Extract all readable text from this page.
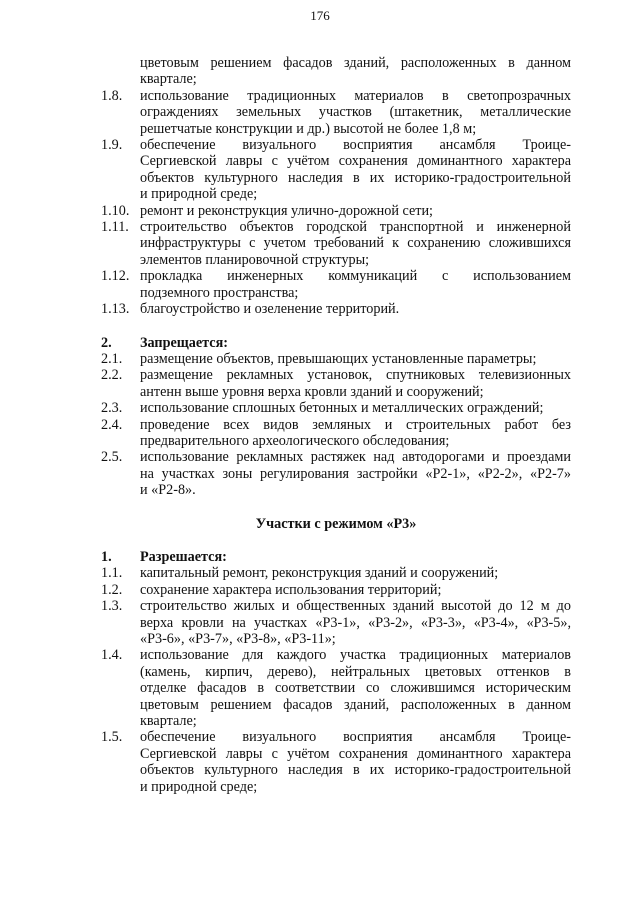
176
цветовым решением фасадов зданий, расположенных в данном
квартале;
1.8.	использование традиционных материалов в светопрозрачных
ограждениях земельных участков (штакетник, металлические
решетчатые конструкции и др.) высотой не более 1,8 м;
1.9.	обеспечение визуального восприятия ансамбля Троице-
Сергиевской лавры с учётом сохранения доминантного характера
объектов культурного наследия в их историко-градостроительной
и природной среде;
1.10. ремонт и реконструкция улично-дорожной сети;
1.11. строительство объектов городской транспортной и инженерной
инфраструктуры с учетом требований к сохранению сложившихся
элементов планировочной структуры;
1.12. прокладка инженерных коммуникаций с использованием
подземного пространства;
1.13. благоустройство и озеленение территорий.
2.	Запрещается:
2.1.	размещение объектов, превышающих установленные параметры;
2.2.	размещение рекламных установок, спутниковых телевизионных
антенн выше уровня верха кровли зданий и сооружений;
2.3.	использование сплошных бетонных и металлических ограждений;
2.4.	проведение всех видов земляных и строительных работ без
предварительного археологического обследования;
2.5.	использование рекламных растяжек над автодорогами и проездами
на участках зоны регулирования застройки «Р2-1», «Р2-2», «Р2-7»
и «Р2-8».
Участки с режимом «Р3»
1.	Разрешается:
1.1.	капитальный ремонт, реконструкция зданий и сооружений;
1.2.	сохранение характера использования территорий;
1.3.	строительство жилых и общественных зданий высотой до 12 м до
верха кровли на участках «Р3-1», «Р3-2», «Р3-3», «Р3-4», «Р3-5»,
«Р3-6», «Р3-7», «Р3-8», «Р3-11»;
1.4.	использование для каждого участка традиционных материалов
(камень, кирпич, дерево), нейтральных цветовых оттенков в
отделке фасадов в соответствии со сложившимся историческим
цветовым решением фасадов зданий, расположенных в данном
квартале;
1.5.	обеспечение визуального восприятия ансамбля Троице-
Сергиевской лавры с учётом сохранения доминантного характера
объектов культурного наследия в их историко-градостроительной
и природной среде;
